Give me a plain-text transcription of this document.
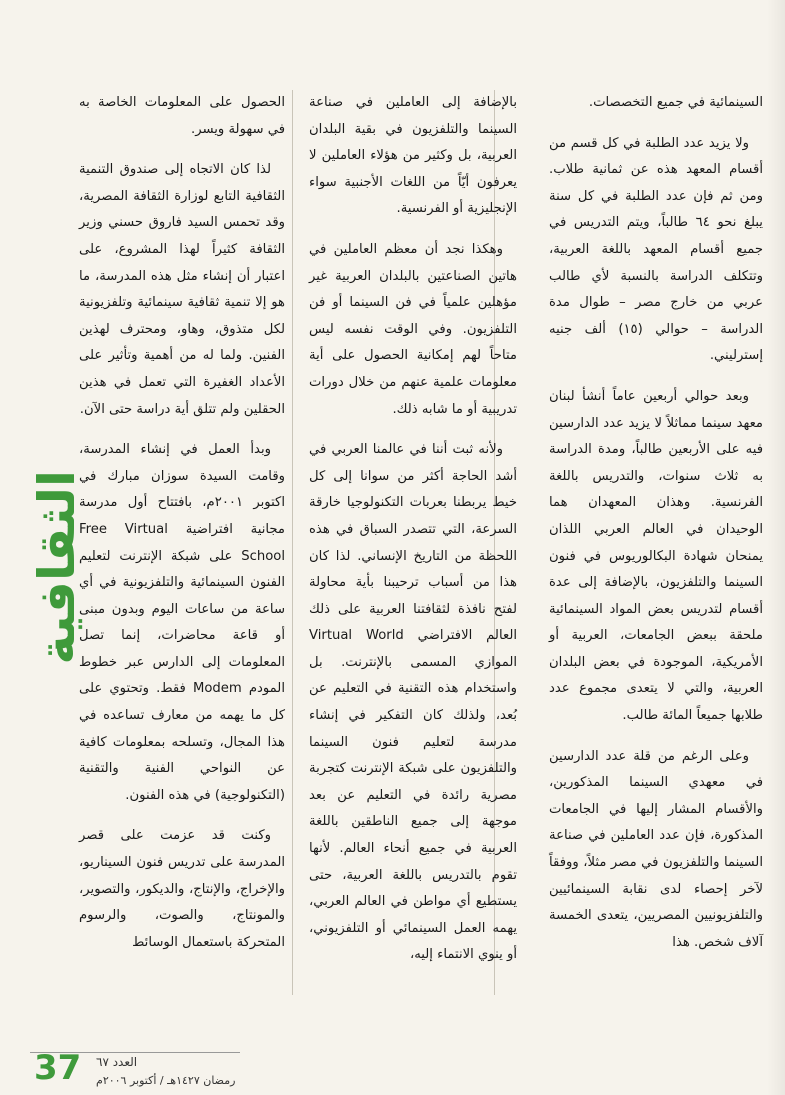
السينمائية في جميع التخصصات.

ولا يزيد عدد الطلبة في كل قسم من أقسام المعهد هذه عن ثمانية طلاب. ومن ثم فإن عدد الطلبة في كل سنة يبلغ نحو ٦٤ طالباً، ويتم التدريس في جميع أقسام المعهد باللغة العربية، وتتكلف الدراسة بالنسبة لأي طالب عربي من خارج مصر – طوال مدة الدراسة – حوالي (١٥) ألف جنيه إسترليني.

وبعد حوالي أربعين عاماً أنشأ لبنان معهد سينما مماثلاً لا يزيد عدد الدارسين فيه على الأربعين طالباً، ومدة الدراسة به ثلاث سنوات، والتدريس باللغة الفرنسية. وهذان المعهدان هما الوحيدان في العالم العربي اللذان يمنحان شهادة البكالوريوس في فنون السينما والتلفزيون، بالإضافة إلى عدة أقسام لتدريس بعض المواد السينمائية ملحقة ببعض الجامعات، العربية أو الأمريكية، الموجودة في بعض البلدان العربية، والتي لا يتعدى مجموع عدد طلابها جميعاً المائة طالب.

وعلى الرغم من قلة عدد الدارسين في معهدي السينما المذكورين، والأقسام المشار إليها في الجامعات المذكورة، فإن عدد العاملين في صناعة السينما والتلفزيون في مصر مثلاً، ووفقاً لآخر إحصاء لدى نقابة السينمائيين والتلفزيونيين المصريين، يتعدى الخمسة آلاف شخص. هذا

بالإضافة إلى العاملين في صناعة السينما والتلفزيون في بقية البلدان العربية، بل وكثير من هؤلاء العاملين لا يعرفون أيّاً من اللغات الأجنبية سواء الإنجليزية أو الفرنسية.

وهكذا نجد أن معظم العاملين في هاتين الصناعتين بالبلدان العربية غير مؤهلين علمياً في فن السينما أو فن التلفزيون. وفي الوقت نفسه ليس متاحاً لهم إمكانية الحصول على أية معلومات علمية عنهم من خلال دورات تدريبية أو ما شابه ذلك.

ولأنه ثبت أننا في عالمنا العربي في أشد الحاجة أكثر من سوانا إلى كل خيط يربطنا بعربات التكنولوجيا خارقة السرعة، التي تتصدر السباق في هذه اللحظة من التاريخ الإنساني. لذا كان هذا من أسباب ترحيبنا بأية محاولة لفتح نافذة لثقافتنا العربية على ذلك العالم الافتراضي Virtual World الموازي المسمى بالإنترنت. بل واستخدام هذه التقنية في التعليم عن بُعد، ولذلك كان التفكير في إنشاء مدرسة لتعليم فنون السينما والتلفزيون على شبكة الإنترنت كتجربة مصرية رائدة في التعليم عن بعد موجهة إلى جميع الناطقين باللغة العربية في جميع أنحاء العالم. لأنها تقوم بالتدريس باللغة العربية، حتى يستطيع أي مواطن في العالم العربي، يهمه العمل السينمائي أو التلفزيوني، أو ينوي الانتماء إليه،

الحصول على المعلومات الخاصة به في سهولة ويسر.

لذا كان الاتجاه إلى صندوق التنمية الثقافية التابع لوزارة الثقافة المصرية، وقد تحمس السيد فاروق حسني وزير الثقافة كثيراً لهذا المشروع، على اعتبار أن إنشاء مثل هذه المدرسة، ما هو إلا تنمية ثقافية سينمائية وتلفزيونية لكل متذوق، وهاو، ومحترف لهذين الفنين. ولما له من أهمية وتأثير على الأعداد الغفيرة التي تعمل في هذين الحقلين ولم تتلق أية دراسة حتى الآن.

وبدأ العمل في إنشاء المدرسة، وقامت السيدة سوزان مبارك في اكتوبر ٢٠٠١م، بافتتاح أول مدرسة مجانية افتراضية Free Virtual School على شبكة الإنترنت لتعليم الفنون السينمائية والتلفزيونية في أي ساعة من ساعات اليوم وبدون مبنى أو قاعة محاضرات، إنما تصل المعلومات إلى الدارس عبر خطوط المودم Modem فقط. وتحتوي على كل ما يهمه من معارف تساعده في هذا المجال، وتسلحه بمعلومات كافية عن النواحي الفنية والتقنية (التكنولوجية) في هذه الفنون.

وكنت قد عزمت على قصر المدرسة على تدريس فنون السيناريو، والإخراج، والإنتاج، والديكور، والتصوير، والمونتاج، والصوت، والرسوم المتحركة باستعمال الوسائط

الثقافية
37 العدد ٦٧
رمضان ١٤٢٧هـ / أكتوبر ٢٠٠٦م
